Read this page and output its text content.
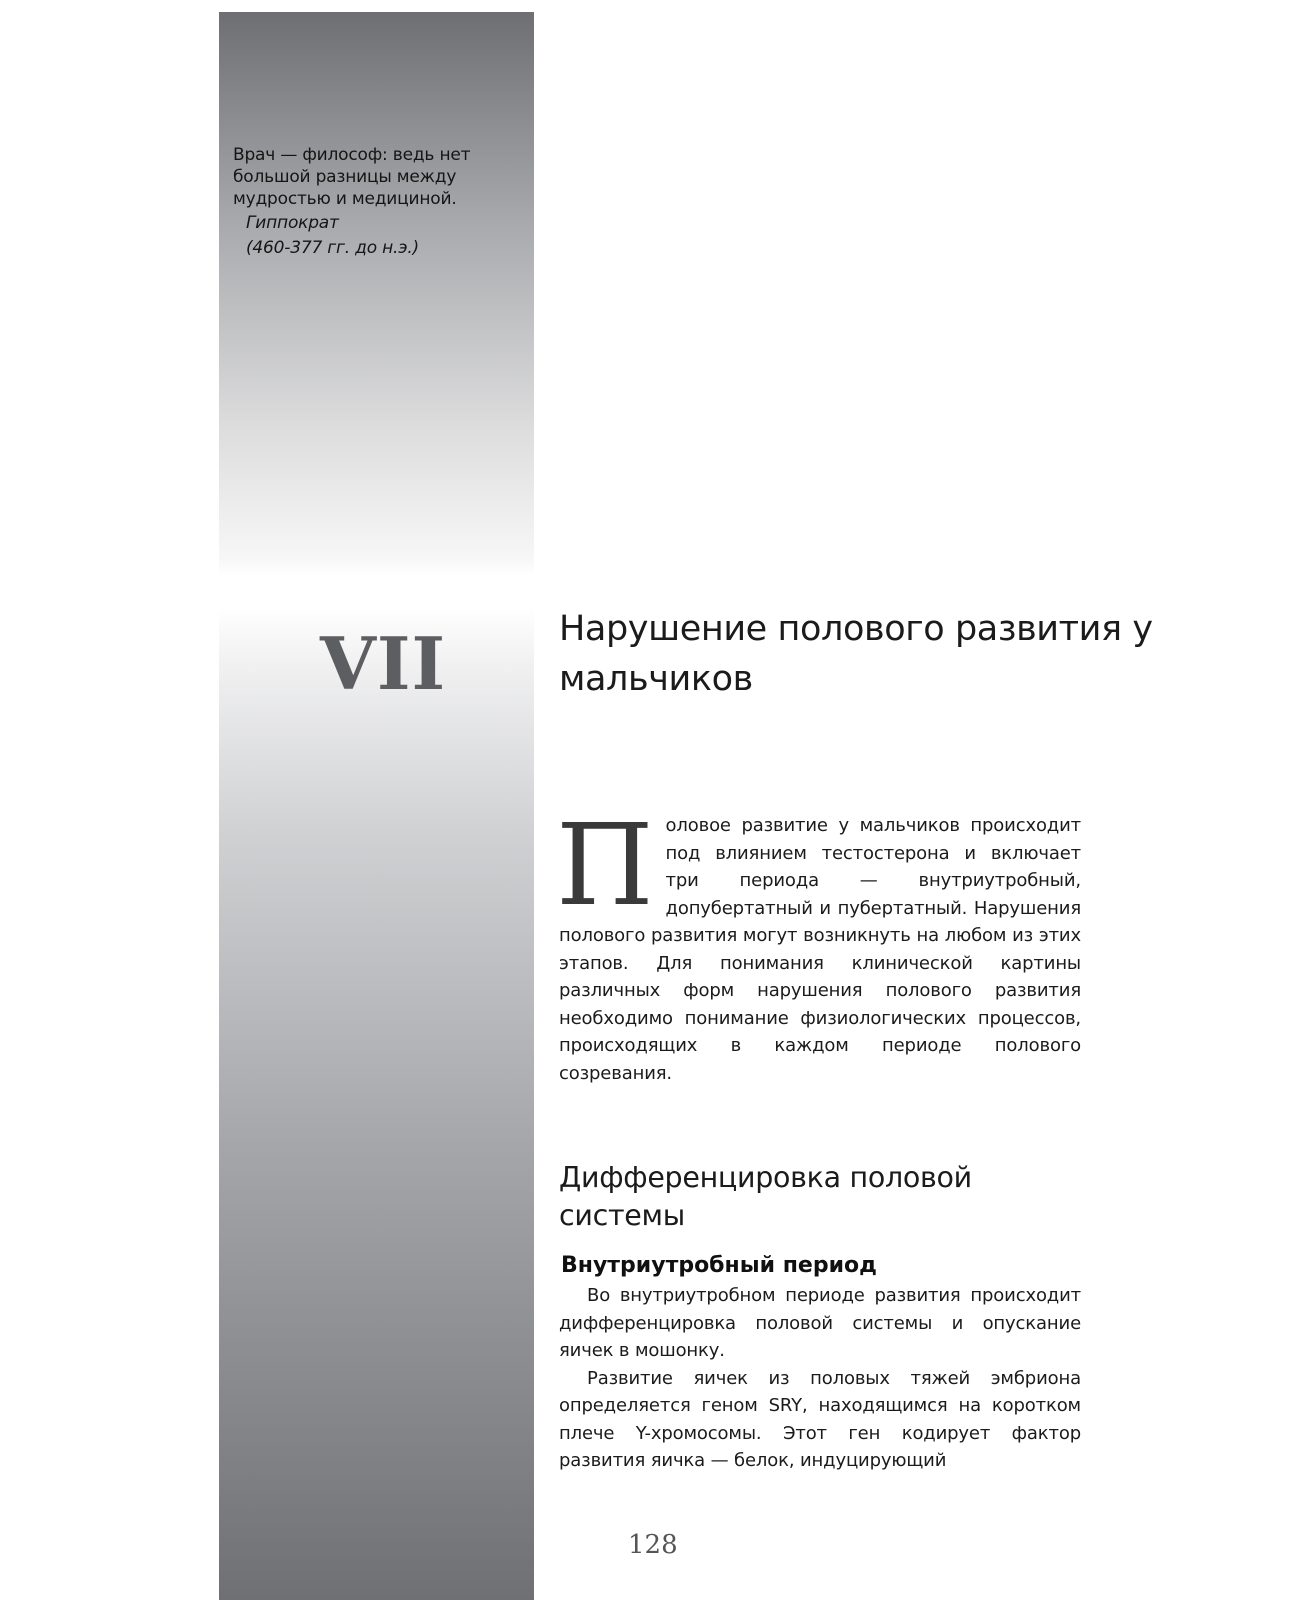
Врач — философ: ведь нет большой разницы между мудростью и медициной.

Гиппократ

(460-377 гг. до н.э.)

VII	Нарушение полового развития у мальчиков

Половое развитие у мальчиков происходит под влиянием тестостерона и включает три периода — внутриутробный, допубертатный и пубертатный. Нарушения полового развития могут возникнуть на любом из этих этапов. Для понимания клинической картины различных форм нарушения полового развития необходимо понимание физиологических процессов, происходящих в каждом периоде полового созревания.

Дифференцировка половой системы
Внутриутробный период

Во внутриутробном периоде развития происходит дифференцировка половой системы и опускание яичек в мошонку.

Развитие яичек из половых тяжей эмбриона определяется геном SRY, находящимся на коротком плече Y-хромосомы. Этот ген кодирует фактор развития яичка — белок, индуцирующий

128
